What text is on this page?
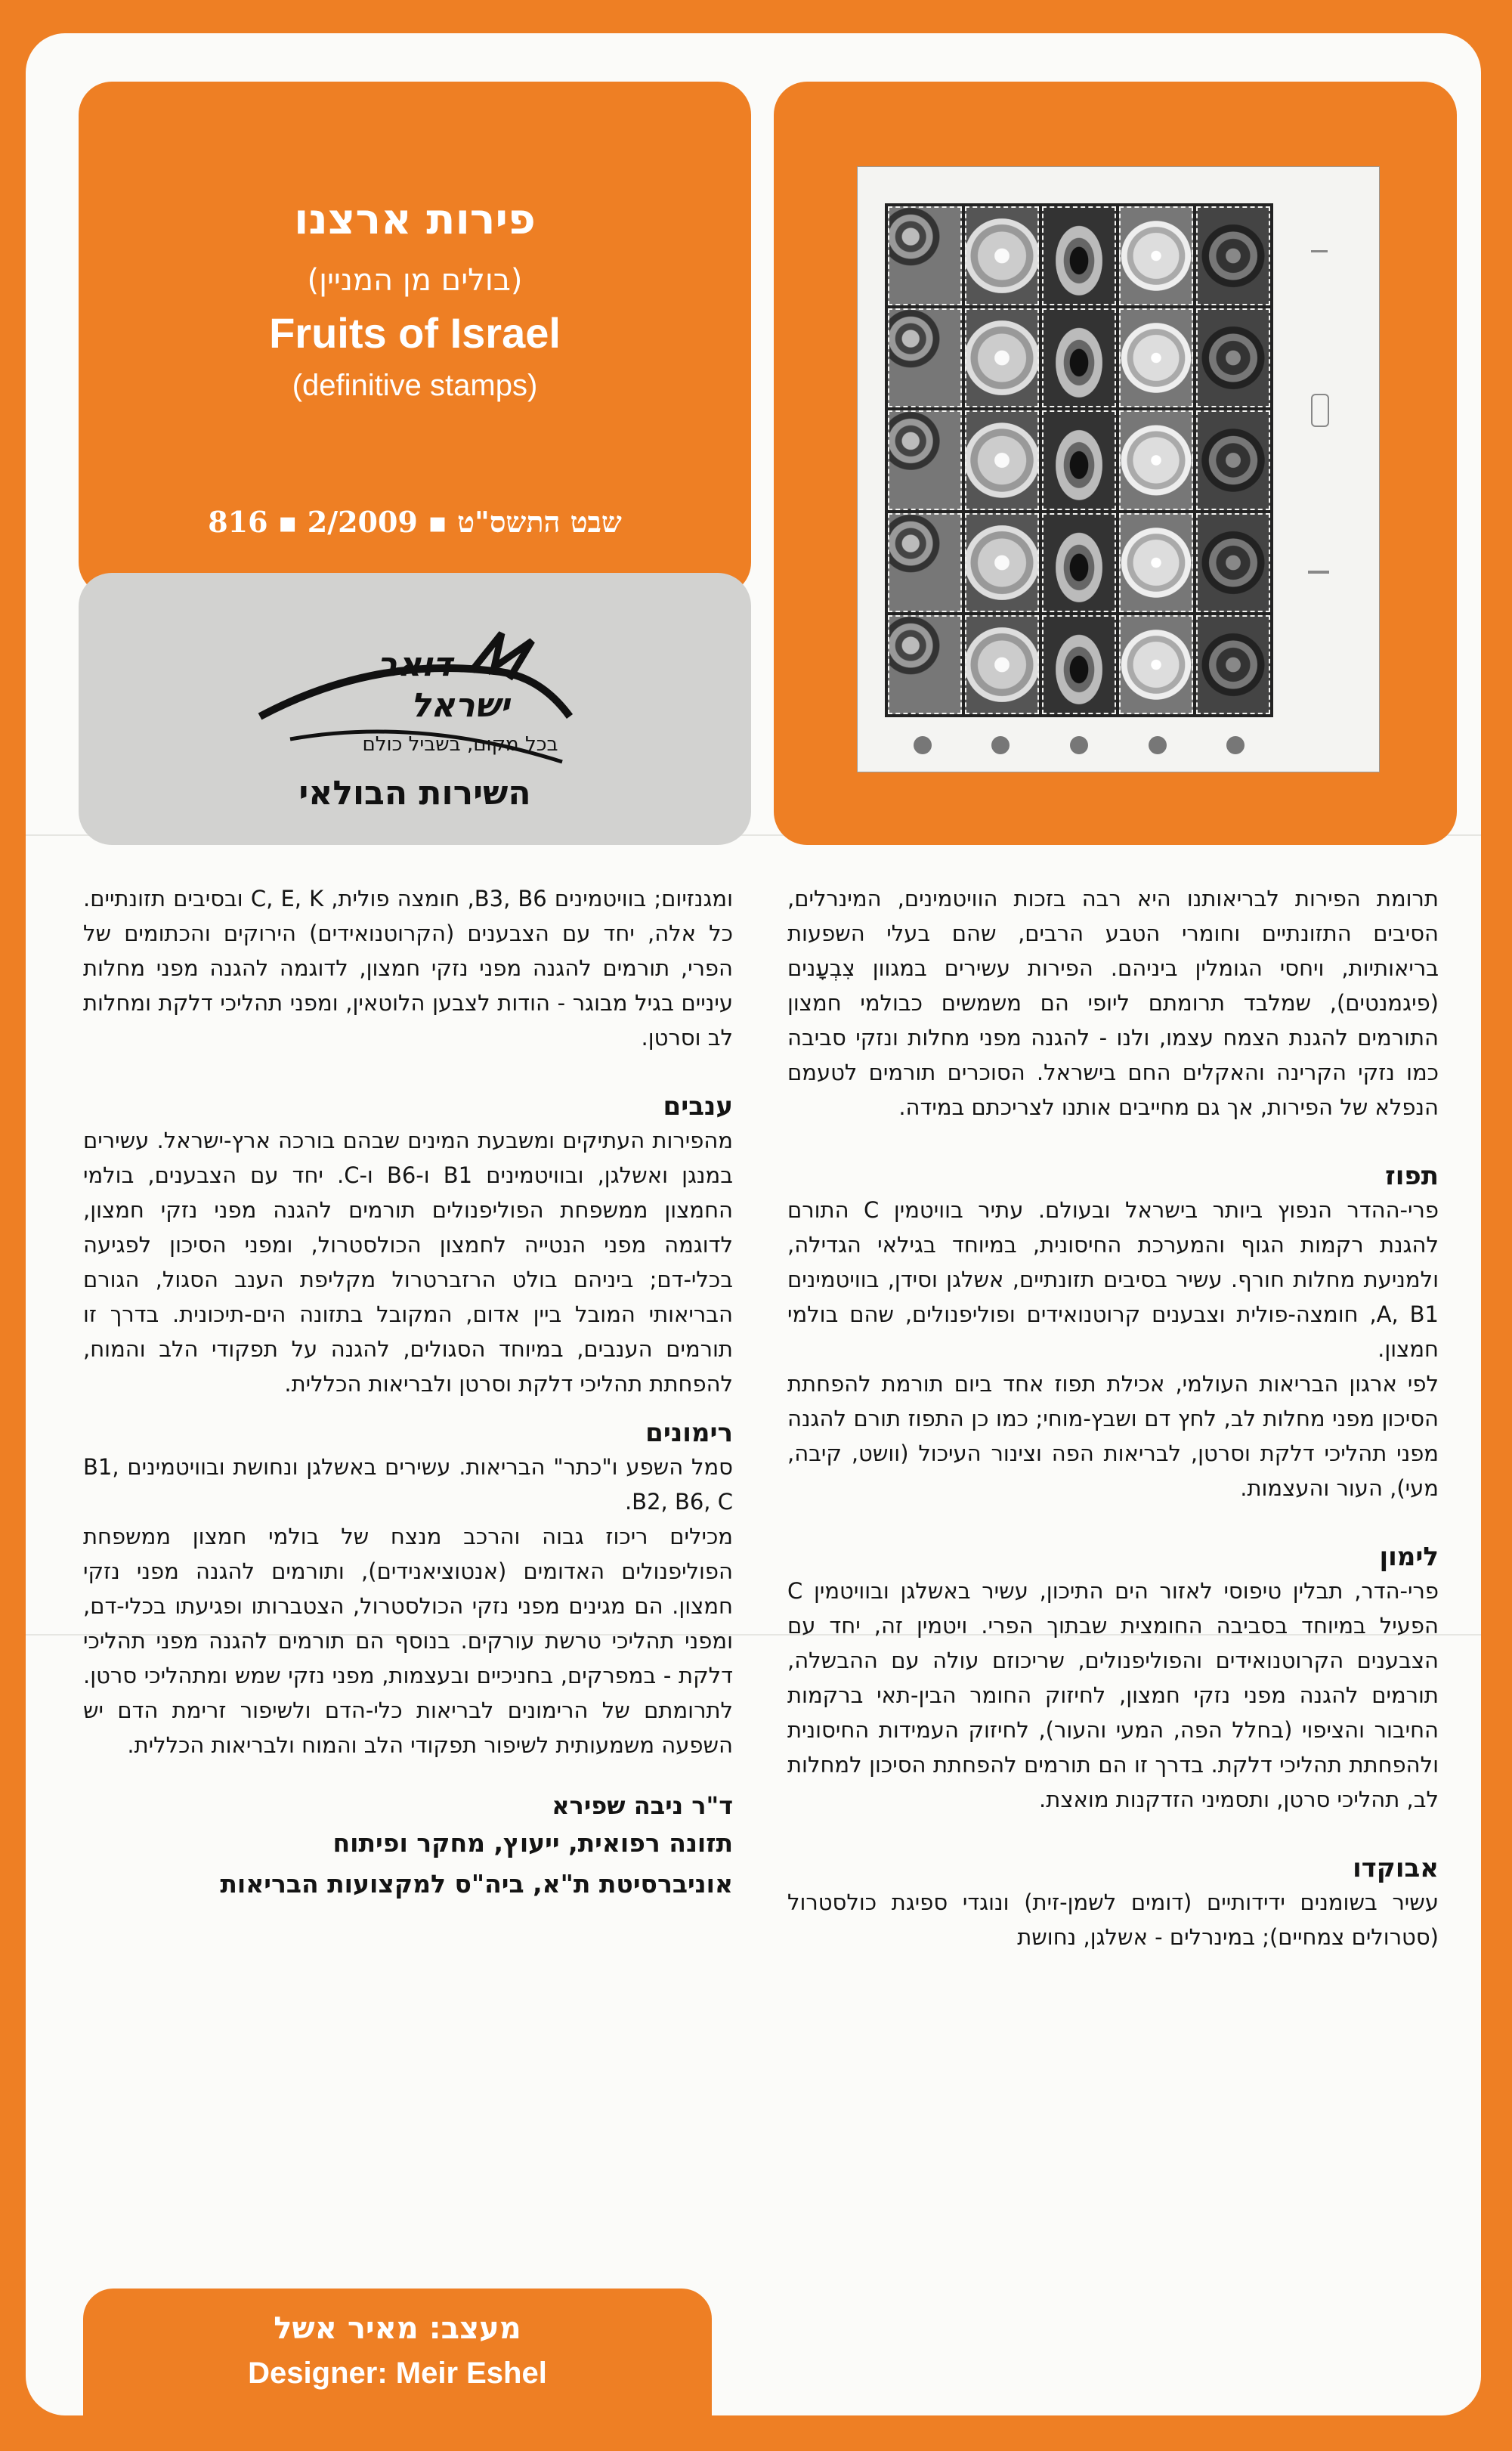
פירות ארצנו
(בולים מן המניין)
Fruits of Israel
(definitive stamps)
816 ▪ 2/2009 ▪ שבט התשס"ט
דואר
ישראל
בכל מקום, בשביל כולם
השירות הבולאי

תרומת הפירות לבריאותנו היא רבה בזכות הוויטמינים, המינרלים, הסיבים התזונתיים וחומרי הטבע הרבים, שהם בעלי השפעות בריאותיות, ויחסי הגומלין ביניהם. הפירות עשירים במגוון צִבְעָנים (פיגמנטים), שמלבד תרומתם ליופי הם משמשים כבולמי חמצון התורמים להגנת הצמח עצמו, ולנו - להגנה מפני מחלות ונזקי סביבה כמו נזקי הקרינה והאקלים החם בישראל. הסוכרים תורמים לטעמם הנפלא של הפירות, אך גם מחייבים אותנו לצריכתם במידה.

תפוז

פרי-ההדר הנפוץ ביותר בישראל ובעולם. עתיר בוויטמין C התורם להגנת רקמות הגוף והמערכת החיסונית, במיוחד בגילאי הגדילה, ולמניעת מחלות חורף. עשיר בסיבים תזונתיים, אשלגן וסידן, בוויטמינים A, B1, חומצה-פולית וצבענים קרוטנואידים ופוליפנולים, שהם בולמי חמצון.

לפי ארגון הבריאות העולמי, אכילת תפוז אחד ביום תורמת להפחתת הסיכון מפני מחלות לב, לחץ דם ושבץ-מוחי; כמו כן התפוז תורם להגנה מפני תהליכי דלקת וסרטן, לבריאות הפה וצינור העיכול (וושט, קיבה, מעי), העור והעצמות.

לימון

פרי-הדר, תבלין טיפוסי לאזור הים התיכון, עשיר באשלגן ובוויטמין C הפעיל במיוחד בסביבה החומצית שבתוך הפרי. ויטמין זה, יחד עם הצבענים הקרוטנואידים והפוליפנולים, שריכוזם עולה עם ההבשלה, תורמים להגנה מפני נזקי חמצון, לחיזוק החומר הבין-תאי ברקמות החיבור והציפוי (בחלל הפה, המעי והעור), לחיזוק העמידות החיסונית ולהפחתת תהליכי דלקת. בדרך זו הם תורמים להפחתת הסיכון למחלות לב, תהליכי סרטן, ותסמיני הזדקנות מואצת.

אבוקדו

עשיר בשומנים ידידותיים (דומים לשמן-זית) ונוגדי ספיגת כולסטרול (סטרולים צמחיים); במינרלים - אשלגן, נחושת

ומגנזיום; בוויטמינים B3, B6, חומצה פולית, C, E, K ובסיבים תזונתיים. כל אלה, יחד עם הצבענים (הקרוטנואידים) הירוקים והכתומים של הפרי, תורמים להגנה מפני נזקי חמצון, לדוגמה להגנה מפני מחלות עיניים בגיל מבוגר - הודות לצבען הלוטאין, ומפני תהליכי דלקת ומחלות לב וסרטן.

ענבים

מהפירות העתיקים ומשבעת המינים שבהם בורכה ארץ-ישראל. עשירים במנגן ואשלגן, ובוויטמינים B1 ו-B6 ו-C. יחד עם הצבענים, בולמי החמצון ממשפחת הפוליפנולים תורמים להגנה מפני נזקי חמצון, לדוגמה מפני הנטייה לחמצון הכולסטרול, ומפני הסיכון לפגיעה בכלי-דם; ביניהם בולט הרזברטרול מקליפת הענב הסגול, הגורם הבריאותי המובל ביין אדום, המקובל בתזונה הים-תיכונית. בדרך זו תורמים הענבים, במיוחד הסגולים, להגנה על תפקודי הלב והמוח, להפחתת תהליכי דלקת וסרטן ולבריאות הכללית.

רימונים

סמל השפע ו"כתר" הבריאות. עשירים באשלגן ונחושת ובוויטמינים B1, B2, B6, C.

מכילים ריכוז גבוה והרכב מנצח של בולמי חמצון ממשפחת הפוליפנולים האדומים (אנטוציאנידים), ותורמים להגנה מפני נזקי חמצון. הם מגינים מפני נזקי הכולסטרול, הצטברותו ופגיעתו בכלי-דם, ומפני תהליכי טרשת עורקים. בנוסף הם תורמים להגנה מפני תהליכי דלקת - במפרקים, בחניכיים ובעצמות, מפני נזקי שמש ומתהליכי סרטן. לתרומתם של הרימונים לבריאות כלי-הדם ולשיפור זרימת הדם יש השפעה משמעותית לשיפור תפקודי הלב והמוח ולבריאות הכללית.

ד"ר ניבה שפירא
תזונה רפואית, ייעוץ, מחקר ופיתוח
אוניברסיטת ת"א, ביה"ס למקצועות הבריאות
מעצב: מאיר אשל
Designer: Meir Eshel
